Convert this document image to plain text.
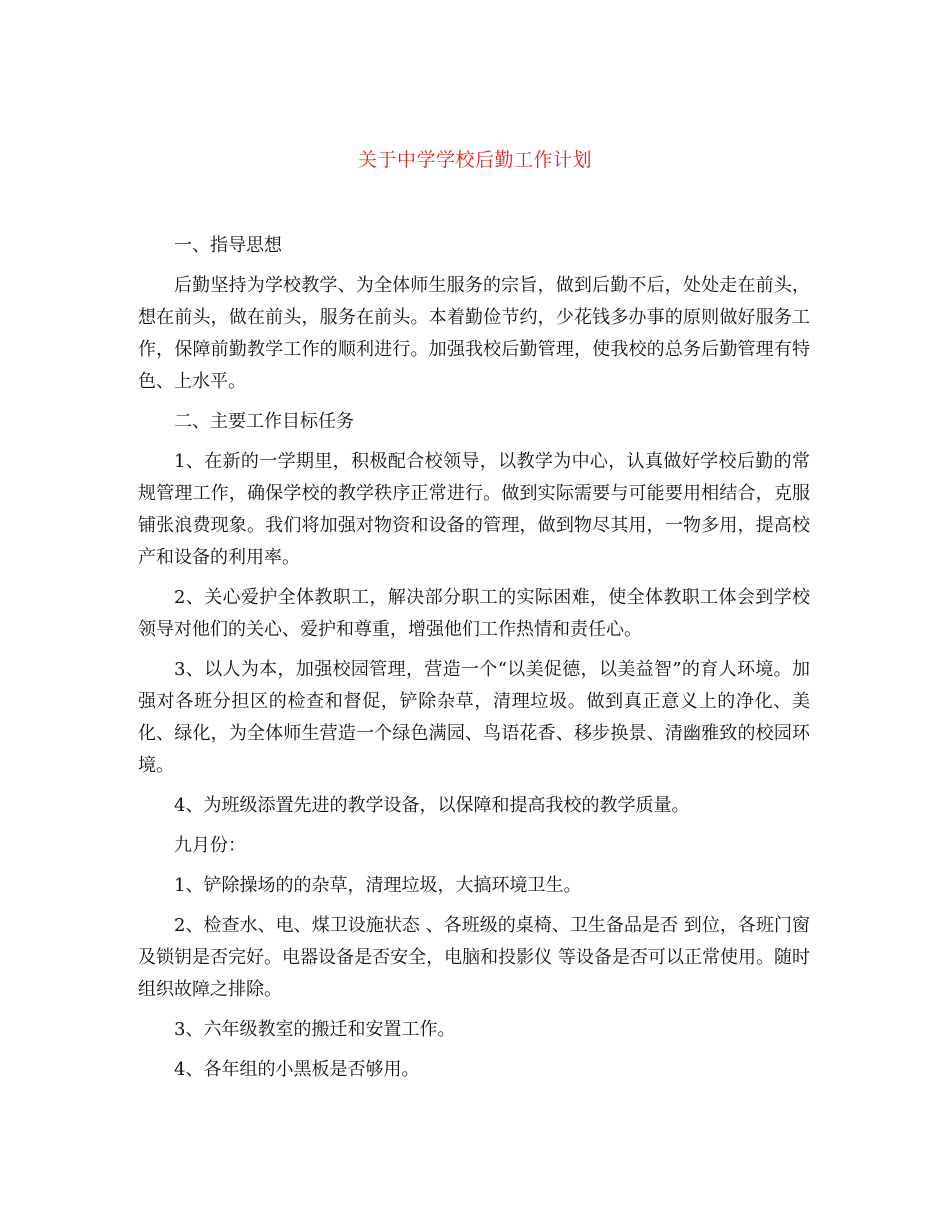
关于中学学校后勤工作计划

一、指导思想

后勤坚持为学校教学、为全体师生服务的宗旨，做到后勤不后，处处走在前头，想在前头，做在前头，服务在前头。本着勤俭节约，少花钱多办事的原则做好服务工作，保障前勤教学工作的顺利进行。加强我校后勤管理，使我校的总务后勤管理有特色、上水平。

二、主要工作目标任务

1、在新的一学期里，积极配合校领导，以教学为中心，认真做好学校后勤的常规管理工作，确保学校的教学秩序正常进行。做到实际需要与可能要用相结合，克服铺张浪费现象。我们将加强对物资和设备的管理，做到物尽其用，一物多用，提高校产和设备的利用率。

2、关心爱护全体教职工，解决部分职工的实际困难，使全体教职工体会到学校领导对他们的关心、爱护和尊重，增强他们工作热情和责任心。

3、以人为本，加强校园管理，营造一个“以美促德，以美益智”的育人环境。加强对各班分担区的检查和督促，铲除杂草，清理垃圾。做到真正意义上的净化、美化、绿化，为全体师生营造一个绿色满园、鸟语花香、移步换景、清幽雅致的校园环境。

4、为班级添置先进的教学设备，以保障和提高我校的教学质量。

九月份：

1、铲除操场的的杂草，清理垃圾，大搞环境卫生。

2、检查水、电、煤卫设施状态 、各班级的桌椅、卫生备品是否 到位，各班门窗及锁钥是否完好。电器设备是否安全，电脑和投影仪 等设备是否可以正常使用。随时组织故障之排除。

3、六年级教室的搬迁和安置工作。

4、各年组的小黑板是否够用。
